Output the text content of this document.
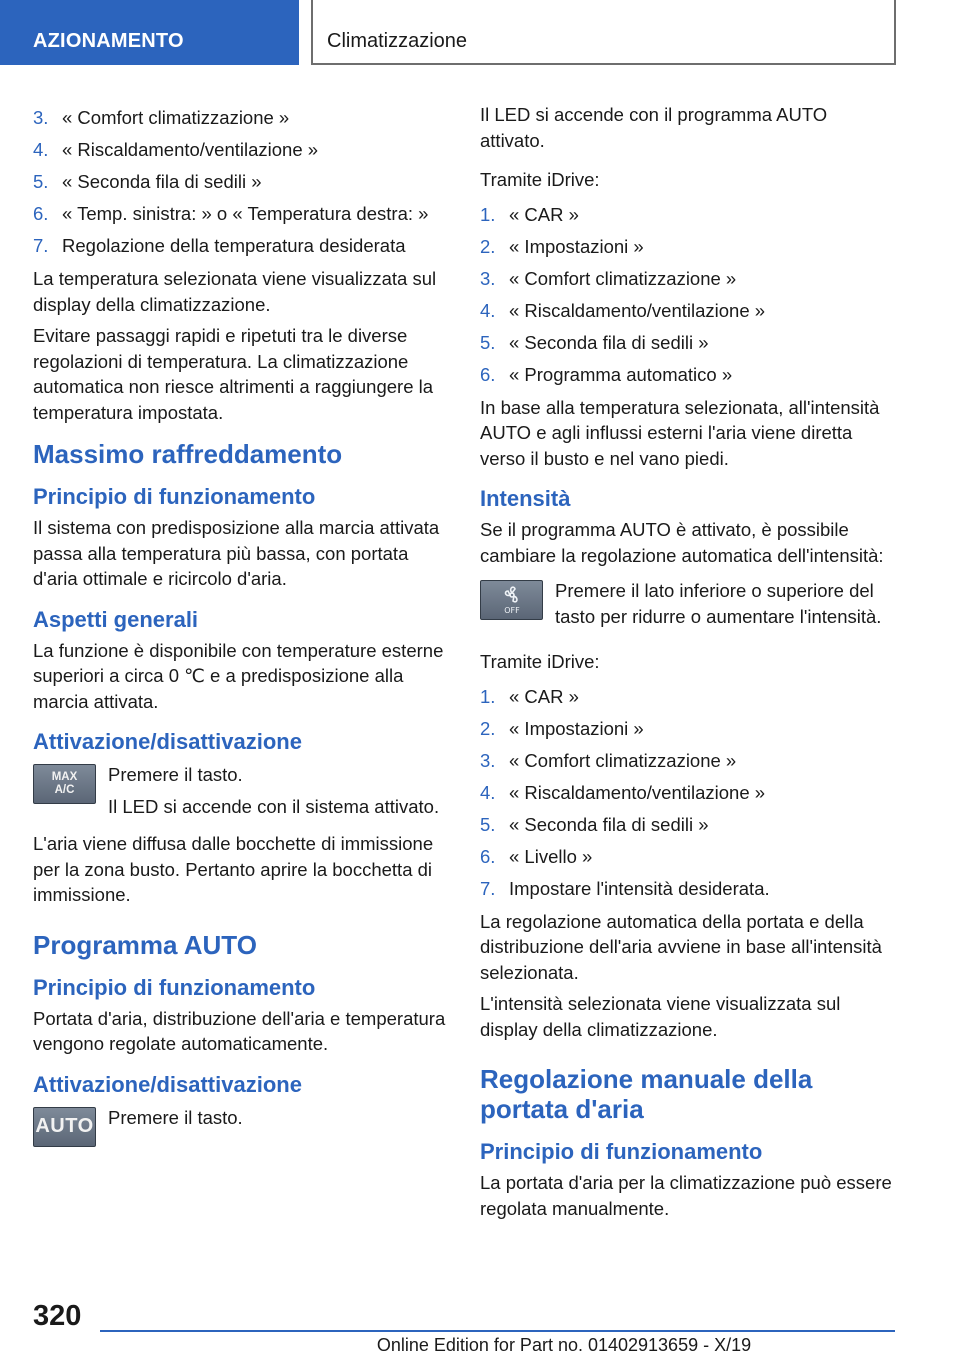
AZIONAMENTO	Climatizzazione
3. « Comfort climatizzazione »
4. « Riscaldamento/ventilazione »
5. « Seconda fila di sedili »
6. « Temp. sinistra: » o « Temperatura destra: »
7. Regolazione della temperatura desiderata

La temperatura selezionata viene visualizzata sul display della climatizzazione.

Evitare passaggi rapidi e ripetuti tra le diverse regolazioni di temperatura. La climatizzazione automatica non riesce altrimenti a raggiungere la temperatura impostata.

Massimo raffreddamento
Principio di funzionamento

Il sistema con predisposizione alla marcia attivata passa alla temperatura più bassa, con portata d'aria ottimale e ricircolo d'aria.

Aspetti generali

La funzione è disponibile con temperature esterne superiori a circa 0 ℃ e a predisposizione alla marcia attivata.

Attivazione/disattivazione
MAX
A/C

Premere il tasto.

Il LED si accende con il sistema attivato.

L'aria viene diffusa dalle bocchette di immissione per la zona busto. Pertanto aprire la bocchetta di immissione.

Programma AUTO
Principio di funzionamento

Portata d'aria, distribuzione dell'aria e temperatura vengono regolate automaticamente.

Attivazione/disattivazione
AUTO Premere il tasto.

Il LED si accende con il programma AUTO attivato.

Tramite iDrive:

1. « CAR »
2. « Impostazioni »
3. « Comfort climatizzazione »
4. « Riscaldamento/ventilazione »
5. « Seconda fila di sedili »
6. « Programma automatico »

In base alla temperatura selezionata, all'intensità AUTO e agli influssi esterni l'aria viene diretta verso il busto e nel vano piedi.

Intensità

Se il programma AUTO è attivato, è possibile cambiare la regolazione automatica dell'intensità:

OFF

Premere il lato inferiore o superiore del tasto per ridurre o aumentare l'intensità.

Tramite iDrive:

1. « CAR »
2. « Impostazioni »
3. « Comfort climatizzazione »
4. « Riscaldamento/ventilazione »
5. « Seconda fila di sedili »
6. « Livello »
7. Impostare l'intensità desiderata.

La regolazione automatica della portata e della distribuzione dell'aria avviene in base all'intensità selezionata.

L'intensità selezionata viene visualizzata sul display della climatizzazione.

Regolazione manuale della portata d'aria
Principio di funzionamento

La portata d'aria per la climatizzazione può essere regolata manualmente.

320
Online Edition for Part no. 01402913659 - X/19
